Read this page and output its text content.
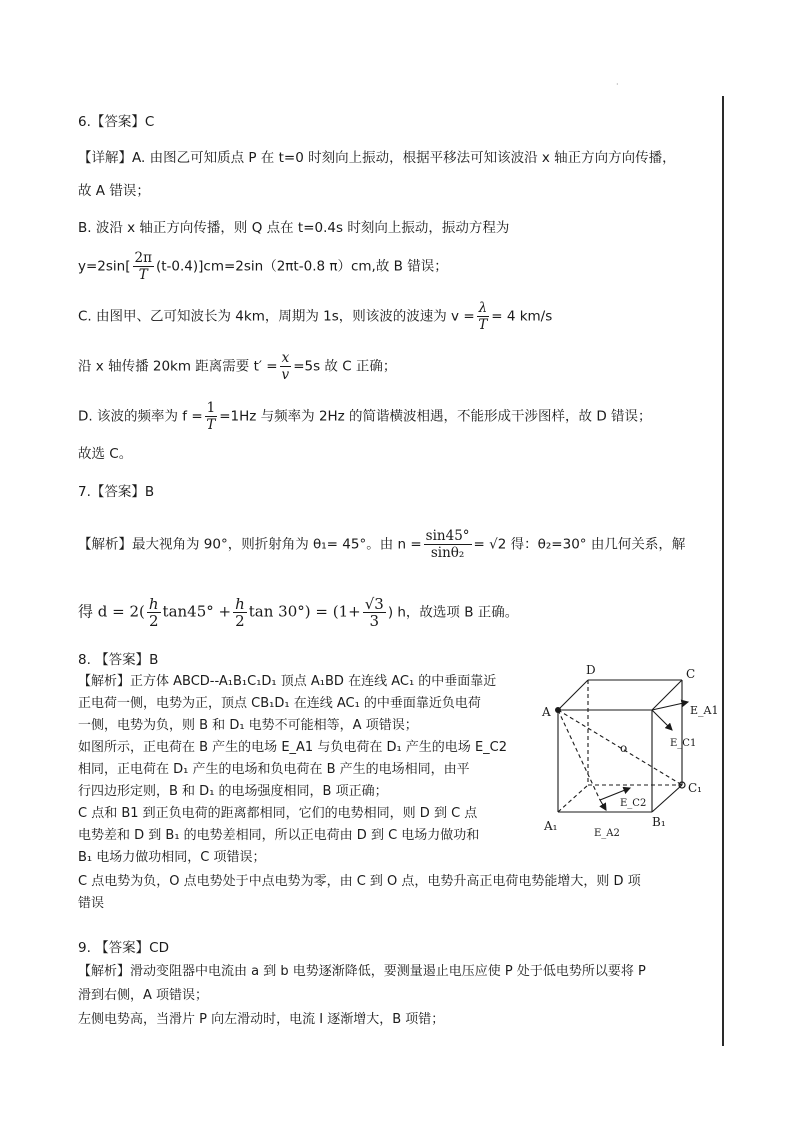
·
6.【答案】C
【详解】A. 由图乙可知质点 P 在 t=0 时刻向上振动，根据平移法可知该波沿 x 轴正方向方向传播，
故 A 错误；
B. 波沿 x 轴正方向传播，则 Q 点在 t=0.4s 时刻向上振动，振动方程为
$y=2\sin[ \frac{2\pi}{T} (t-0.4)]cm=2\sin(2\pi t-0.8$ π）cm,故 B 错误；
C. 由图甲、乙可知波长为 4km，周期为 1s，则该波的波速为 $v = \frac{\lambda}{T} = 4$ km/s
沿 x 轴传播 20km 距离需要 $t' = \frac{x}{v} =5s$ 故 C 正确；
D. 该波的频率为 $f = \frac{1}{T} =1Hz$ 与频率为 2Hz 的简谐横波相遇，不能形成干涉图样，故 D 错误；
故选 C。
7.【答案】B
【解析】最大视角为 90°，则折射角为 θ₁= 45°。由 $n = \frac{\sin 45^\circ}{\text{sinθ₂}} = √2$ 得：θ₂=30° 由几何关系，解
得 $d = 2( \frac{h}{2} \tan 45^\circ + \frac{h}{2}$ $\tan 30^\circ) = (1+ \frac{√3}{3}$ ) h，故选项 B 正确。
8. 【答案】B
【解析】正方体 ABCD--A₁B₁C₁D₁ 顶点 A₁BD 在连线 AC₁ 的中垂面靠近
正电荷一侧，电势为正，顶点 CB₁D₁ 在连线 AC₁ 的中垂面靠近负电荷
一侧，电势为负，则 B 和 D₁ 电势不可能相等，A 项错误；
如图所示，正电荷在 B 产生的电场 E_A1 与负电荷在 D₁ 产生的电场 E_C2
相同，正电荷在 D₁ 产生的电场和负电荷在 B 产生的电场相同，由平
行四边形定则，B 和 D₁ 的电场强度相同，B 项正确；
C 点和 B1 到正负电荷的距离都相同，它们的电势相同，则 D 到 C 点
电势差和 D 到 B₁ 的电势差相同，所以正电荷由 D 到 C 电场力做功和
B₁ 电场力做功相同，C 项错误；
C 点电势为负，O 点电势处于中点电势为零，由 C 到 O 点，电势升高正电荷电势能增大，则 D 项
错误
D	C
A
o
C₁
A₁	B₁
E_A1
E_C1
E_C2
E_A2
9. 【答案】CD
【解析】滑动变阻器中电流由 a 到 b 电势逐渐降低，要测量遏止电压应使 P 处于低电势所以要将 P
滑到右侧，A 项错误；
左侧电势高，当滑片 P 向左滑动时，电流 I 逐渐增大，B 项错；
